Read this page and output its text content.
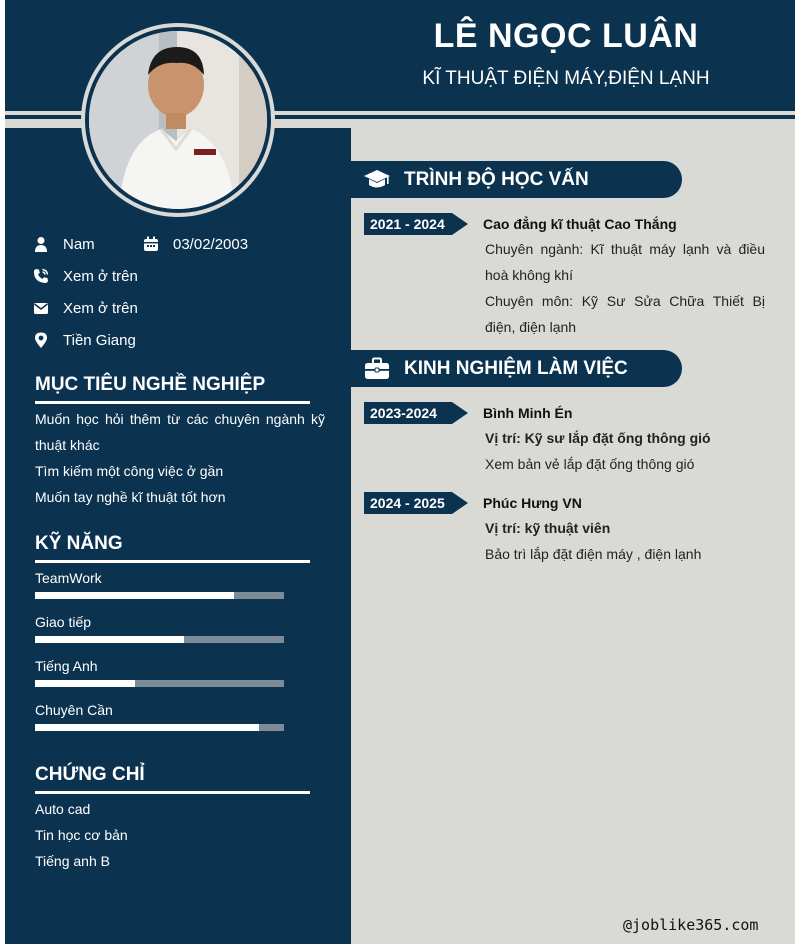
LÊ NGỌC LUÂN
KĨ THUẬT ĐIỆN MÁY,ĐIỆN LẠNH
Nam	03/02/2003
Xem ở trên
Xem ở trên
Tiền Giang
MỤC TIÊU NGHỀ NGHIỆP

Muốn học hỏi thêm từ các chuyên ngành kỹ thuật khác

Tìm kiếm một công việc ở gần

Muốn tay nghề kĩ thuật tốt hơn

KỸ NĂNG
TeamWork
Giao tiếp
Tiếng Anh
Chuyên Cần
CHỨNG CHỈ

Auto cad

Tin học cơ bản

Tiếng anh B

TRÌNH ĐỘ HỌC VẤN
2021 - 2024	Cao đẳng kĩ thuật Cao Thắng

Chuyên ngành: Kĩ thuật máy lạnh và điều hoà không khí

Chuyên môn: Kỹ Sư Sửa Chữa Thiết Bị điện, điện lạnh

KINH NGHIỆM LÀM VIỆC
2023-2024	Bình Minh Én

Vị trí: Kỹ sư lắp đặt ống thông gió

Xem bản vẻ lắp đặt ống thông gió

2024 - 2025	Phúc Hưng VN

Vị trí: kỹ thuật viên

Bảo trì lắp đặt điện máy , điện lạnh

@joblike365.com
